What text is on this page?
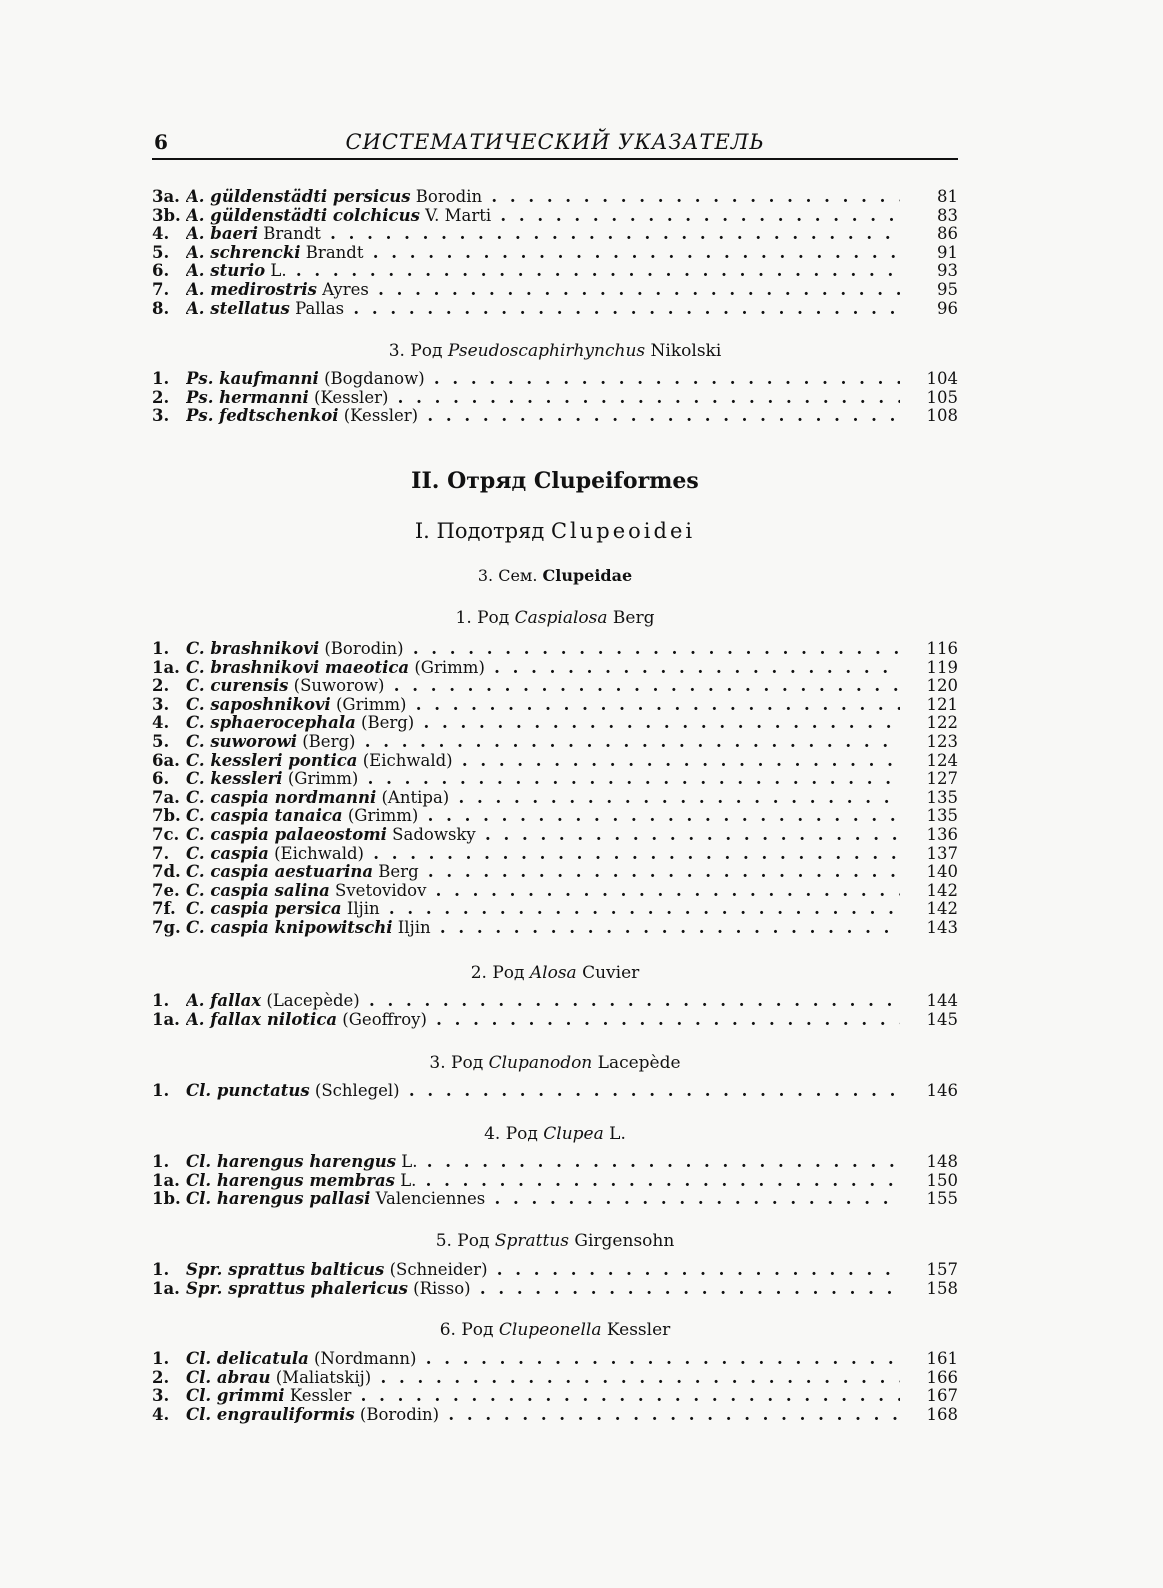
6	СИСТЕМАТИЧЕСКИЙ УКАЗАТЕЛЬ
3a. A. güldenstädti persicus Borodin . . .	81
3b. A. güldenstädti colchicus V. Marti . . .	83
4.	A. baeri Brandt . . .	86
5.	A. schrencki Brandt . . .	91
6.	A. sturio L. . . .	93
7.	A. medirostris Ayres . . .	95
8.	A. stellatus Pallas . . .	96
3. Род Pseudoscaphirhynchus Nikolski
1.	Ps. kaufmanni (Bogdanow) . . .	104
2.	Ps. hermanni (Kessler) . . .	105
3.	Ps. fedtschenkoi (Kessler) . . .	108
II. Отряд Clupeiformes
I. Подотряд Clupeoidei
3. Сем. Clupeidae
1. Род Caspialosa Berg
1.	C. brashnikovi (Borodin) . . .	116
1a. C. brashnikovi maeotica (Grimm) . . .	119
2.	C. curensis (Suworow) . . .	120
3.	C. saposhnikovi (Grimm) . . .	121
4.	C. sphaerocephala (Berg) . . .	122
5.	C. suworowi (Berg) . . .	123
6a. C. kessleri pontica (Eichwald) . . .	124
6.	C. kessleri (Grimm) . . .	127
7a. C. caspia nordmanni (Antipa) . . .	135
7b. C. caspia tanaica (Grimm) . . .	135
7c. C. caspia palaeostomi Sadowsky . . .	136
7.	C. caspia (Eichwald) . . .	137
7d. C. caspia aestuarina Berg . . .	140
7e. C. caspia salina Svetovidov . . .	142
7f. C. caspia persica Iljin . . .	142
7g. C. caspia knipowitschi Iljin . . .	143
2. Род Alosa Cuvier
1.	A. fallax (Lacepède) . . .	144
1a. A. fallax nilotica (Geoffroy) . . .	145
3. Род Clupanodon Lacepède
1.	Cl. punctatus (Schlegel) . . .	146
4. Род Clupea L.
1.	Cl. harengus harengus L. . . .	148
1a. Cl. harengus membras L. . . .	150
1b. Cl. harengus pallasi Valenciennes . . .	155
5. Род Sprattus Girgensohn
1.	Spr. sprattus balticus (Schneider) . . .	157
1a. Spr. sprattus phalericus (Risso) . . .	158
6. Род Clupeonella Kessler
1.	Cl. delicatula (Nordmann) . . .	161
2.	Cl. abrau (Maliatskij) . . .	166
3.	Cl. grimmi Kessler . . .	167
4.	Cl. engrauliformis (Borodin) . . .	168
